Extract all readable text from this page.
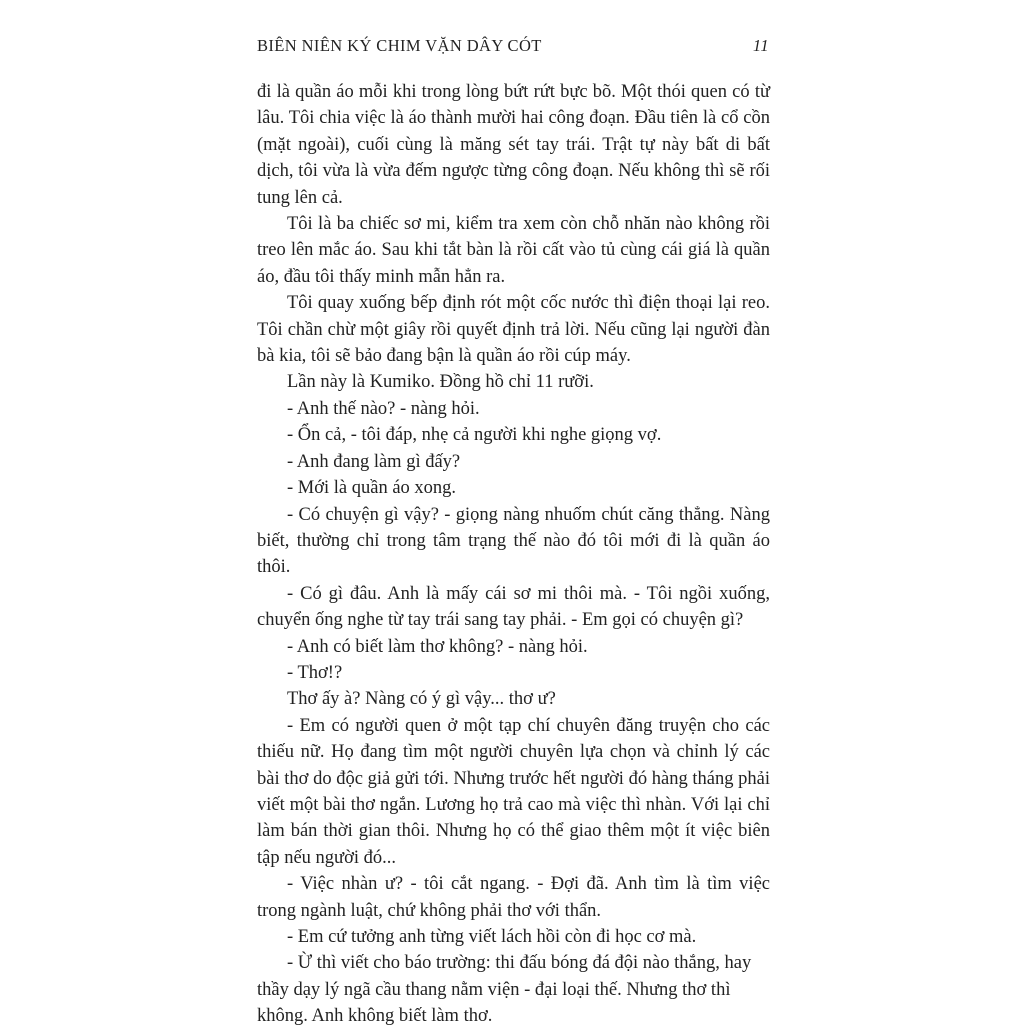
BIÊN NIÊN KÝ CHIM VẶN DÂY CÓT	11

đi là quần áo mỗi khi trong lòng bứt rứt bực bõ. Một thói quen có từ lâu. Tôi chia việc là áo thành mười hai công đoạn. Đầu tiên là cổ cồn (mặt ngoài), cuối cùng là măng sét tay trái. Trật tự này bất di bất dịch, tôi vừa là vừa đếm ngược từng công đoạn. Nếu không thì sẽ rối tung lên cả.

Tôi là ba chiếc sơ mi, kiểm tra xem còn chỗ nhăn nào không rồi treo lên mắc áo. Sau khi tắt bàn là rồi cất vào tủ cùng cái giá là quần áo, đầu tôi thấy minh mẫn hẳn ra.

Tôi quay xuống bếp định rót một cốc nước thì điện thoại lại reo. Tôi chần chừ một giây rồi quyết định trả lời. Nếu cũng lại người đàn bà kia, tôi sẽ bảo đang bận là quần áo rồi cúp máy.

Lần này là Kumiko. Đồng hồ chỉ 11 rưỡi.

- Anh thế nào? - nàng hỏi.

- Ổn cả, - tôi đáp, nhẹ cả người khi nghe giọng vợ.

- Anh đang làm gì đấy?

- Mới là quần áo xong.

- Có chuyện gì vậy? - giọng nàng nhuốm chút căng thẳng. Nàng biết, thường chỉ trong tâm trạng thế nào đó tôi mới đi là quần áo thôi.

- Có gì đâu. Anh là mấy cái sơ mi thôi mà. - Tôi ngồi xuống, chuyển ống nghe từ tay trái sang tay phải. - Em gọi có chuyện gì?

- Anh có biết làm thơ không? - nàng hỏi.

- Thơ!?

Thơ ấy à? Nàng có ý gì vậy... thơ ư?

- Em có người quen ở một tạp chí chuyên đăng truyện cho các thiếu nữ. Họ đang tìm một người chuyên lựa chọn và chỉnh lý các bài thơ do độc giả gửi tới. Nhưng trước hết người đó hàng tháng phải viết một bài thơ ngắn. Lương họ trả cao mà việc thì nhàn. Với lại chỉ làm bán thời gian thôi. Nhưng họ có thể giao thêm một ít việc biên tập nếu người đó...

- Việc nhàn ư? - tôi cắt ngang. - Đợi đã. Anh tìm là tìm việc trong ngành luật, chứ không phải thơ với thẩn.

- Em cứ tưởng anh từng viết lách hồi còn đi học cơ mà.

- Ừ thì viết cho báo trường: thi đấu bóng đá đội nào thắng, hay thầy dạy lý ngã cầu thang nằm viện - đại loại thế. Nhưng thơ thì không. Anh không biết làm thơ.
